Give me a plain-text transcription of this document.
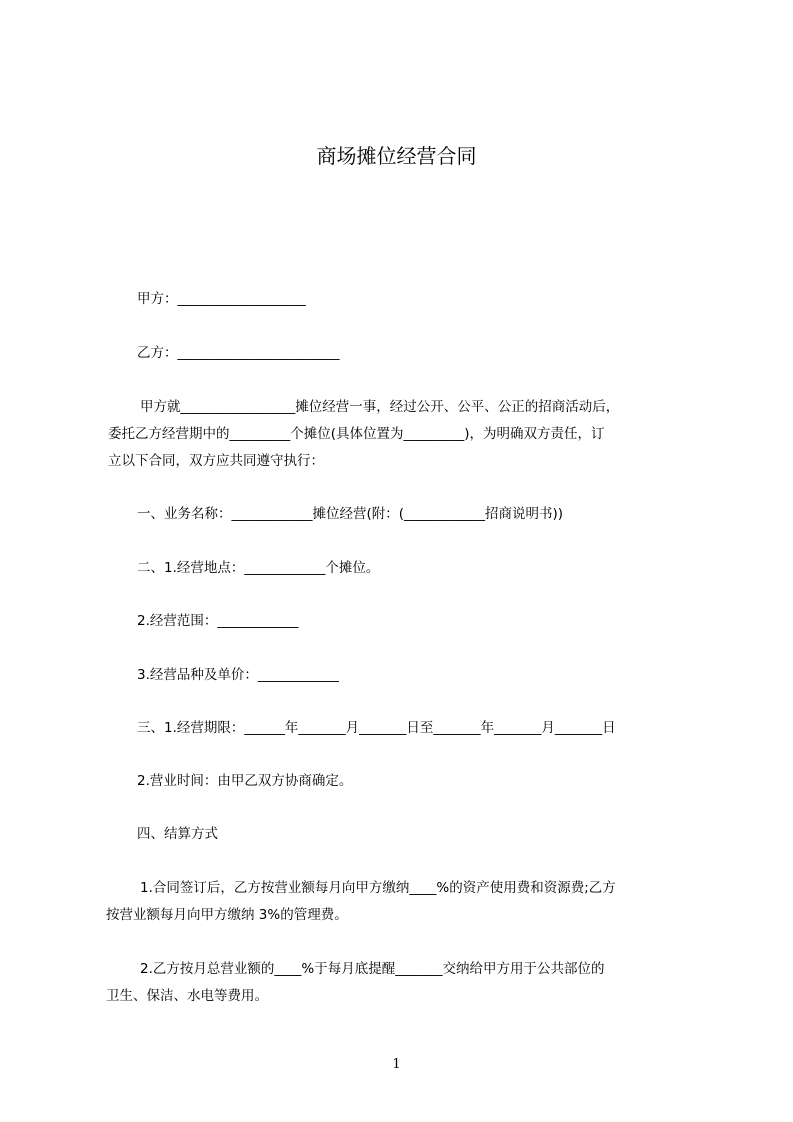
商场摊位经营合同
甲方：___________________
乙方：________________________
甲方就_________________摊位经营一事，经过公开、公平、公正的招商活动后，
委托乙方经营期中的_________个摊位(具体位置为_________)，为明确双方责任，订
立以下合同，双方应共同遵守执行：
一、业务名称：____________摊位经营(附：(____________招商说明书))
二、1.经营地点：____________个摊位。
2.经营范围：____________
3.经营品种及单价：____________
三、1.经营期限：______年_______月_______日至_______年_______月_______日
2.营业时间：由甲乙双方协商确定。
四、结算方式
1.合同签订后，乙方按营业额每月向甲方缴纳____%的资产使用费和资源费;乙方
按营业额每月向甲方缴纳 3%的管理费。
2.乙方按月总营业额的____%于每月底提醒_______交纳给甲方用于公共部位的
卫生、保洁、水电等费用。
1
